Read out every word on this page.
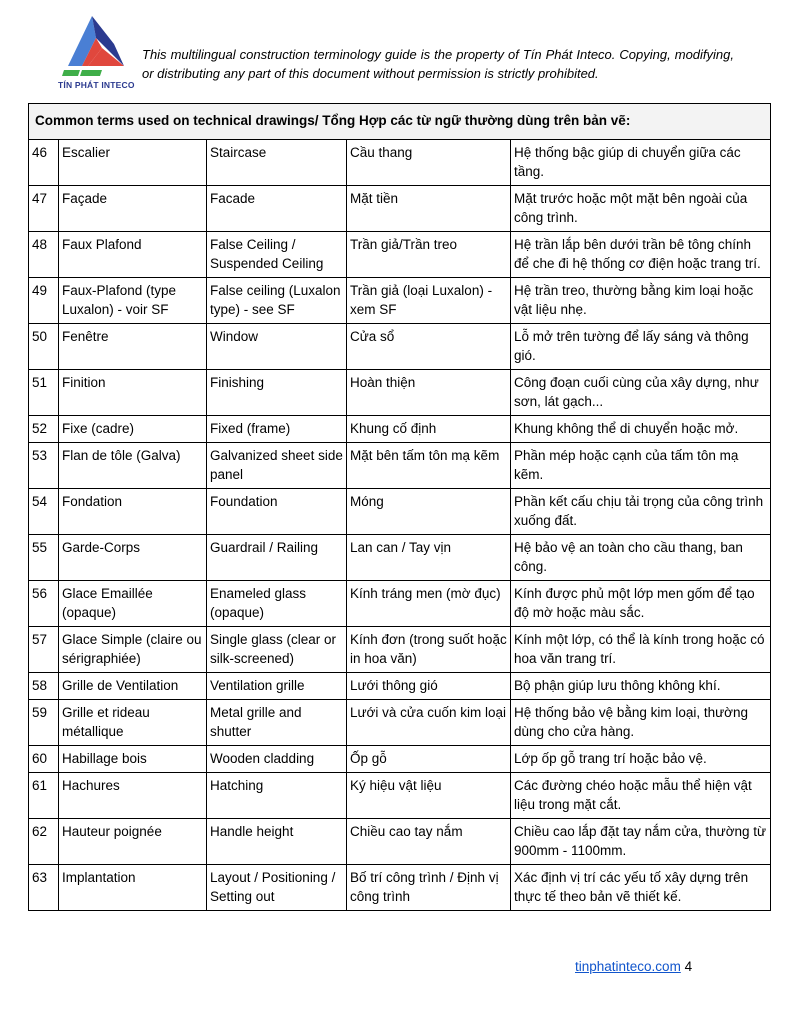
TÍN PHÁT INTECO
This multilingual construction terminology guide is the property of Tín Phát Inteco. Copying, modifying, or distributing any part of this document without permission is strictly prohibited.
Common terms used on technical drawings/ Tổng Hợp các từ ngữ thường dùng trên bản vẽ:				
46	Escalier	Staircase	Cầu thang	Hệ thống bậc giúp di chuyển giữa các tầng.
47	Façade	Facade	Mặt tiền	Mặt trước hoặc một mặt bên ngoài của công trình.
48	Faux Plafond	False Ceiling / Suspended Ceiling	Trần giả/Trần treo	Hệ trần lắp bên dưới trần bê tông chính để che đi hệ thống cơ điện hoặc trang trí.
49	Faux-Plafond (type Luxalon) - voir SF	False ceiling (Luxalon type) - see SF	Trần giả (loại Luxalon) - xem SF	Hệ trần treo, thường bằng kim loại hoặc vật liệu nhẹ.
50	Fenêtre	Window	Cửa sổ	Lỗ mở trên tường để lấy sáng và thông gió.
51	Finition	Finishing	Hoàn thiện	Công đoạn cuối cùng của xây dựng, như sơn, lát gạch...
52	Fixe (cadre)	Fixed (frame)	Khung cố định	Khung không thể di chuyển hoặc mở.
53	Flan de tôle (Galva)	Galvanized sheet side panel	Mặt bên tấm tôn mạ kẽm	Phần mép hoặc cạnh của tấm tôn mạ kẽm.
54	Fondation	Foundation	Móng	Phần kết cấu chịu tải trọng của công trình xuống đất.
55	Garde-Corps	Guardrail / Railing	Lan can / Tay vịn	Hệ bảo vệ an toàn cho cầu thang, ban công.
56	Glace Emaillée (opaque)	Enameled glass (opaque)	Kính tráng men (mờ đục)	Kính được phủ một lớp men gốm để tạo độ mờ hoặc màu sắc.
57	Glace Simple (claire ou sérigraphiée)	Single glass (clear or silk-screened)	Kính đơn (trong suốt hoặc in hoa văn)	Kính một lớp, có thể là kính trong hoặc có hoa văn trang trí.
58	Grille de Ventilation	Ventilation grille	Lưới thông gió	Bộ phận giúp lưu thông không khí.
59	Grille et rideau métallique	Metal grille and shutter	Lưới và cửa cuốn kim loại	Hệ thống bảo vệ bằng kim loại, thường dùng cho cửa hàng.
60	Habillage bois	Wooden cladding	Ốp gỗ	Lớp ốp gỗ trang trí hoặc bảo vệ.
61	Hachures	Hatching	Ký hiệu vật liệu	Các đường chéo hoặc mẫu thể hiện vật liệu trong mặt cắt.
62	Hauteur poignée	Handle height	Chiều cao tay nắm	Chiều cao lắp đặt tay nắm cửa, thường từ 900mm - 1100mm.
63	Implantation	Layout / Positioning / Setting out	Bố trí công trình / Định vị công trình	Xác định vị trí các yếu tố xây dựng trên thực tế theo bản vẽ thiết kế.
tinphatinteco.com 4
